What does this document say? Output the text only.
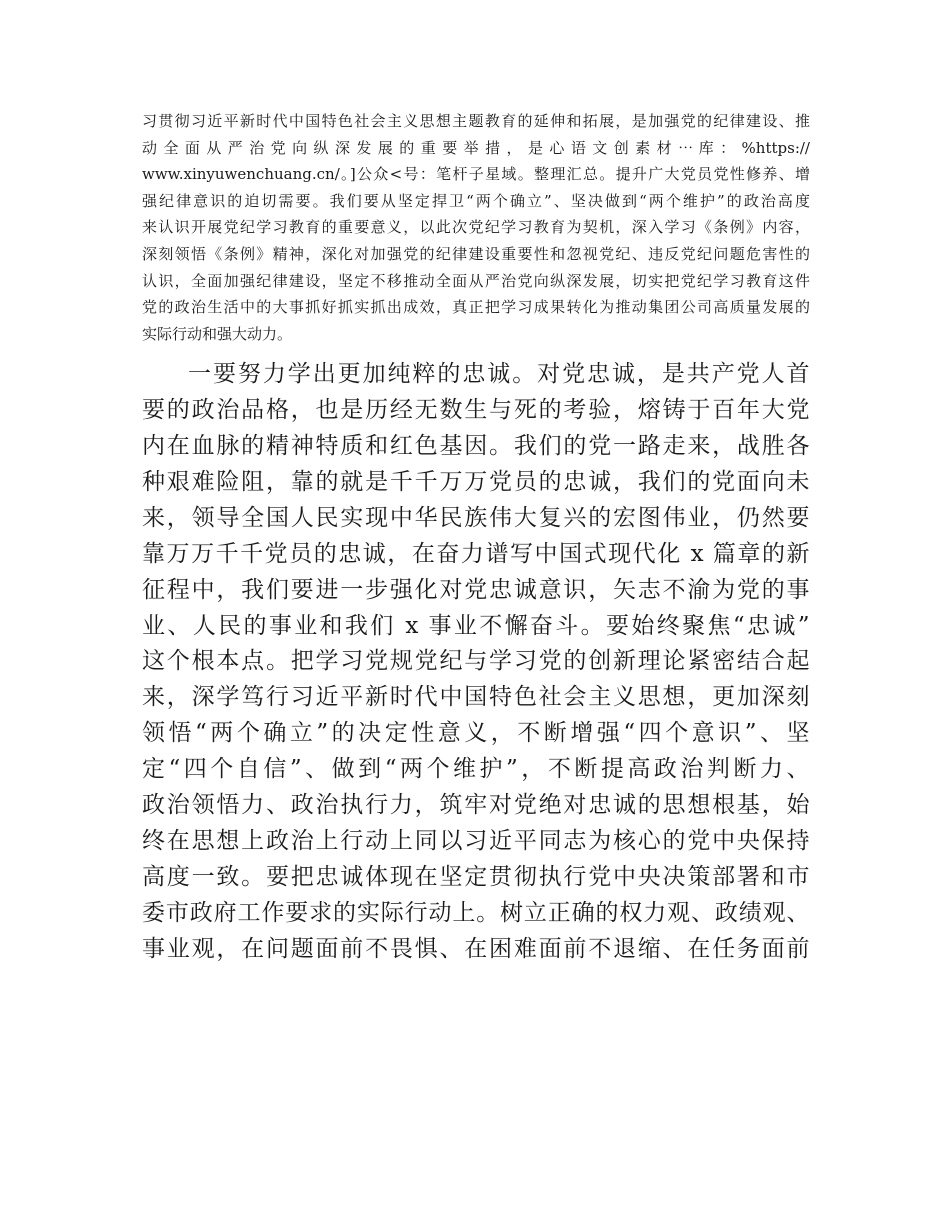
习贯彻习近平新时代中国特色社会主义思想主题教育的延伸和拓展，是加强党的纪律建设、推
动 全 面 从 严 治 党 向 纵 深 发 展 的 重 要 举 措 ， 是 心 语 文 创 素 材 ⋯ 库 ： %https://
www.xinyuwenchuang.cn/。]公众<号：笔杆子星域。整理汇总。提升广大党员党性修养、增
强纪律意识的迫切需要。我们要从坚定捍卫“两个确立”、坚决做到“两个维护”的政治高度
来认识开展党纪学习教育的重要意义，以此次党纪学习教育为契机，深入学习《条例》内容，
深刻领悟《条例》精神，深化对加强党的纪律建设重要性和忽视党纪、违反党纪问题危害性的
认识，全面加强纪律建设，坚定不移推动全面从严治党向纵深发展，切实把党纪学习教育这件
党的政治生活中的大事抓好抓实抓出成效，真正把学习成果转化为推动集团公司高质量发展的
实际行动和强大动力。
一要努力学出更加纯粹的忠诚。对党忠诚，是共产党人首
要的政治品格，也是历经无数生与死的考验，熔铸于百年大党
内在血脉的精神特质和红色基因。我们的党一路走来，战胜各
种艰难险阻，靠的就是千千万万党员的忠诚，我们的党面向未
来，领导全国人民实现中华民族伟大复兴的宏图伟业，仍然要
靠万万千千党员的忠诚，在奋力谱写中国式现代化 x 篇章的新
征程中，我们要进一步强化对党忠诚意识，矢志不渝为党的事
业、人民的事业和我们 x 事业不懈奋斗。要始终聚焦“忠诚”
这个根本点。把学习党规党纪与学习党的创新理论紧密结合起
来，深学笃行习近平新时代中国特色社会主义思想，更加深刻
领悟“两个确立”的决定性意义，不断增强“四个意识”、坚
定“四个自信”、做到“两个维护”，不断提高政治判断力、
政治领悟力、政治执行力，筑牢对党绝对忠诚的思想根基，始
终在思想上政治上行动上同以习近平同志为核心的党中央保持
高度一致。要把忠诚体现在坚定贯彻执行党中央决策部署和市
委市政府工作要求的实际行动上。树立正确的权力观、政绩观、
事业观，在问题面前不畏惧、在困难面前不退缩、在任务面前
